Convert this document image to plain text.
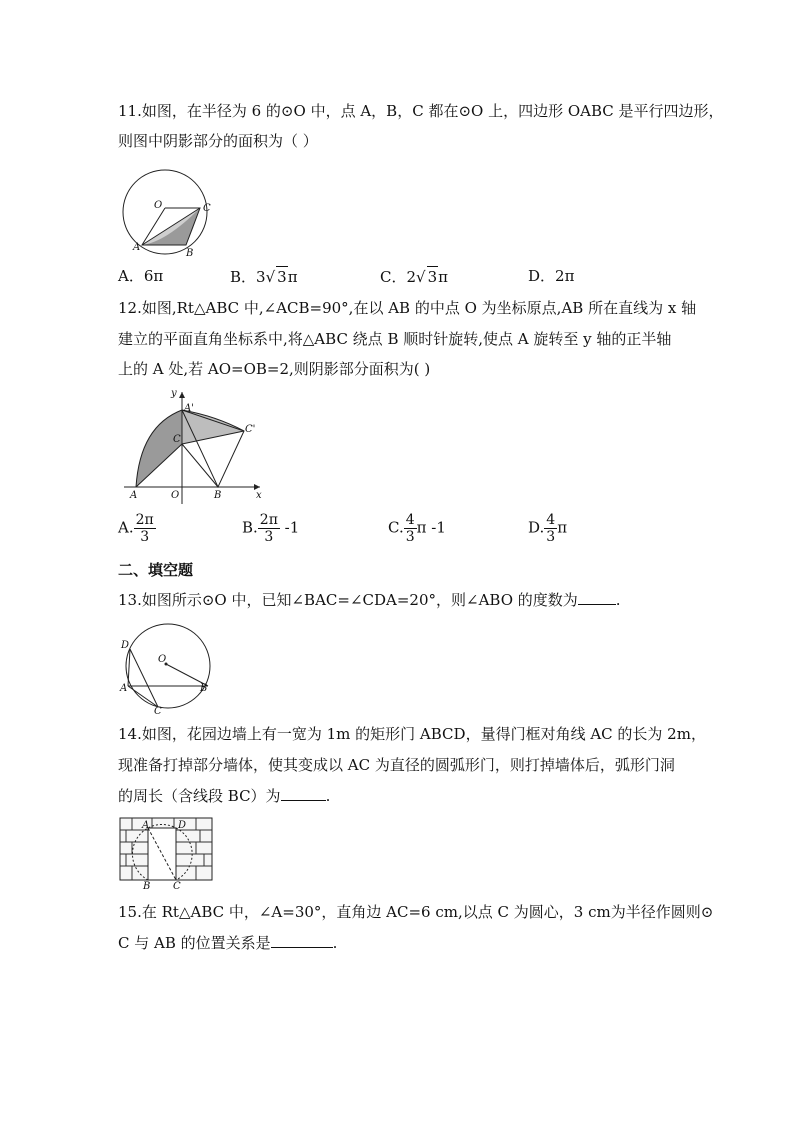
11.如图，在半径为 6 的⊙O 中，点 A，B，C 都在⊙O 上，四边形 OABC 是平行四边形，
则图中阴影部分的面积为（ ）
O	C
A
B
A．6π	B．3√ 3π	C．2√ 3π	D．2π
12.如图,Rt△ABC 中,∠ACB=90°,在以 AB 的中点 O 为坐标原点,AB 所在直线为 x 轴
建立的平面直角坐标系中,将△ABC 绕点 B 顺时针旋转,使点 A 旋转至 y 轴的正半轴
上的 A 处,若 AO=OB=2,则阴影部分面积为( )
y
A'
C
C'
A	O	B	x
A. $\frac{2\pi}{3}$	B. $\frac{2\pi}{3} -1$	C. $\frac{4}{3}$ π -1	D. $\frac{4}{3}$ π
二、填空题
13.如图所示⊙O 中，已知∠BAC=∠CDA=20°，则∠ABO 的度数为	.
D
O
A	B
C
14.如图，花园边墙上有一宽为 1m 的矩形门 ABCD，量得门框对角线 AC 的长为 2m，
现准备打掉部分墙体，使其变成以 AC 为直径的圆弧形门，则打掉墙体后，弧形门洞
的周长（含线段 BC）为	.
A	D
B C
15.在 Rt△ABC 中，∠A=30°，直角边 AC=6 cm,以点 C 为圆心，3 cm为半径作圆则⊙
C 与 AB 的位置关系是	.
